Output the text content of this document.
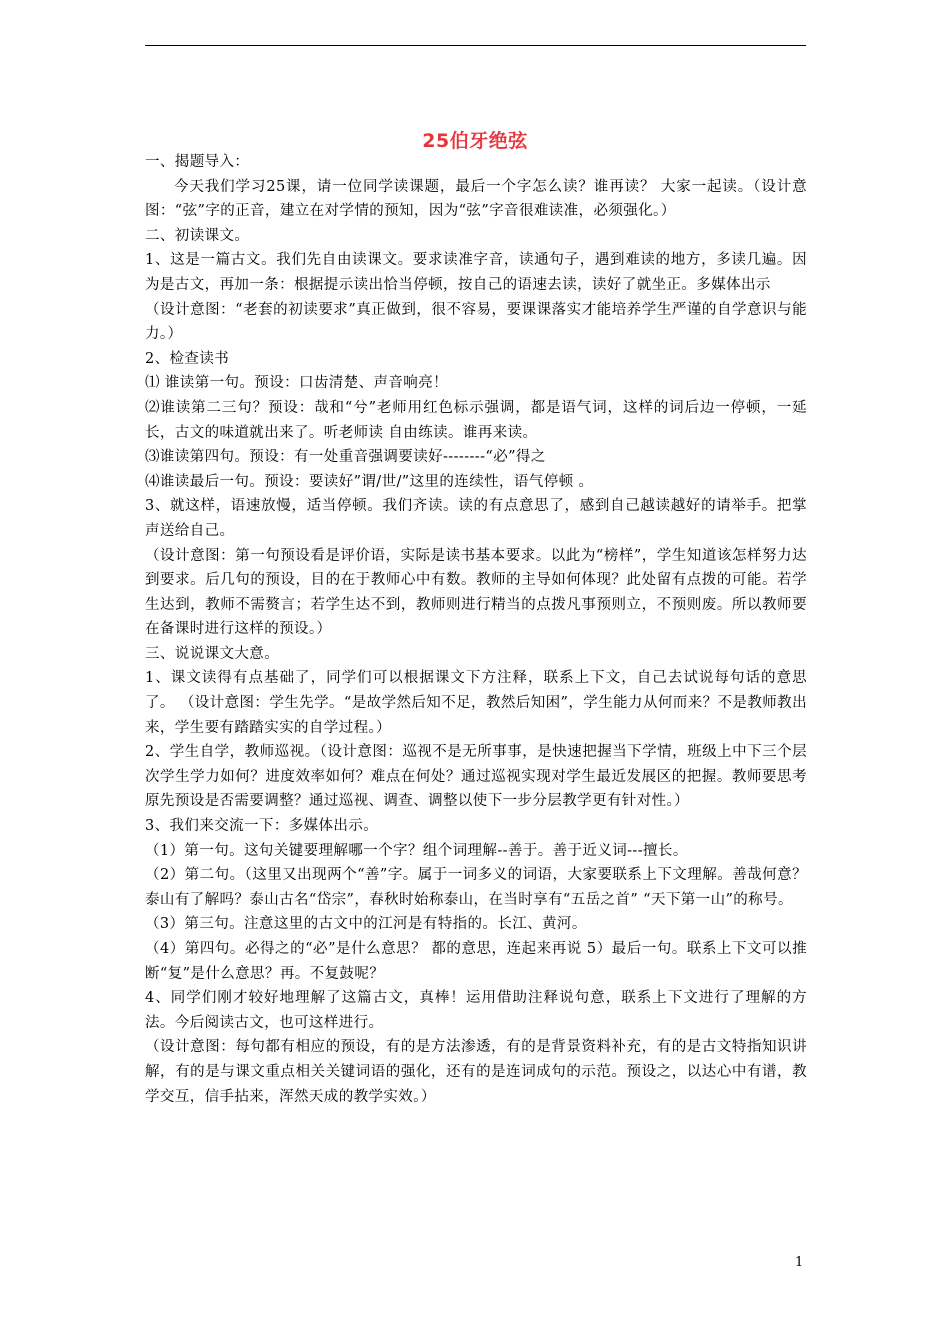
25伯牙绝弦

一、揭题导入：

今天我们学习25课，请一位同学读课题，最后一个字怎么读？谁再读？ 大家一起读。（设计意图：“弦”字的正音，建立在对学情的预知，因为“弦”字音很难读准，必须强化。）

二、初读课文。

1、这是一篇古文。我们先自由读课文。要求读准字音，读通句子，遇到难读的地方，多读几遍。因为是古文，再加一条：根据提示读出恰当停顿，按自己的语速去读，读好了就坐正。多媒体出示

（设计意图：“老套的初读要求”真正做到，很不容易，要课课落实才能培养学生严谨的自学意识与能力。）

2、检查读书

⑴ 谁读第一句。预设：口齿清楚、声音响亮！

⑵谁读第二三句？预设：哉和“兮”老师用红色标示强调，都是语气词，这样的词后边一停顿，一延长，古文的味道就出来了。听老师读 自由练读。谁再来读。

⑶谁读第四句。预设：有一处重音强调要读好--------“必”得之

⑷谁读最后一句。预设：要读好”谓/世/”这里的连续性，语气停顿 。

3、就这样，语速放慢，适当停顿。我们齐读。读的有点意思了，感到自己越读越好的请举手。把掌声送给自己。

（设计意图：第一句预设看是评价语，实际是读书基本要求。以此为“榜样”，学生知道该怎样努力达到要求。后几句的预设，目的在于教师心中有数。教师的主导如何体现？此处留有点拨的可能。若学生达到，教师不需赘言；若学生达不到，教师则进行精当的点拨凡事预则立，不预则废。所以教师要在备课时进行这样的预设。）

三、说说课文大意。

1、课文读得有点基础了，同学们可以根据课文下方注释，联系上下文，自己去试说每句话的意思了。 （设计意图：学生先学。“是故学然后知不足，教然后知困”，学生能力从何而来？不是教师教出来，学生要有踏踏实实的自学过程。）

2、学生自学，教师巡视。（设计意图：巡视不是无所事事，是快速把握当下学情，班级上中下三个层次学生学力如何？进度效率如何？难点在何处？通过巡视实现对学生最近发展区的把握。教师要思考原先预设是否需要调整？通过巡视、调查、调整以使下一步分层教学更有针对性。）

3、我们来交流一下：多媒体出示。

（1）第一句。这句关键要理解哪一个字？组个词理解--善于。善于近义词---擅长。

（2）第二句。（这里又出现两个“善”字。属于一词多义的词语，大家要联系上下文理解。善哉何意？泰山有了解吗？泰山古名“岱宗”，春秋时始称泰山，在当时享有“五岳之首” “天下第一山”的称号。

（3）第三句。注意这里的古文中的江河是有特指的。长江、黄河。

（4）第四句。必得之的“必”是什么意思？ 都的意思，连起来再说 5）最后一句。联系上下文可以推断“复”是什么意思？再。不复鼓呢？

4、同学们刚才较好地理解了这篇古文，真棒！运用借助注释说句意，联系上下文进行了理解的方法。今后阅读古文，也可这样进行。

（设计意图：每句都有相应的预设，有的是方法渗透，有的是背景资料补充，有的是古文特指知识讲解，有的是与课文重点相关关键词语的强化，还有的是连词成句的示范。预设之，以达心中有谱，教学交互，信手拈来，浑然天成的教学实效。）

1
